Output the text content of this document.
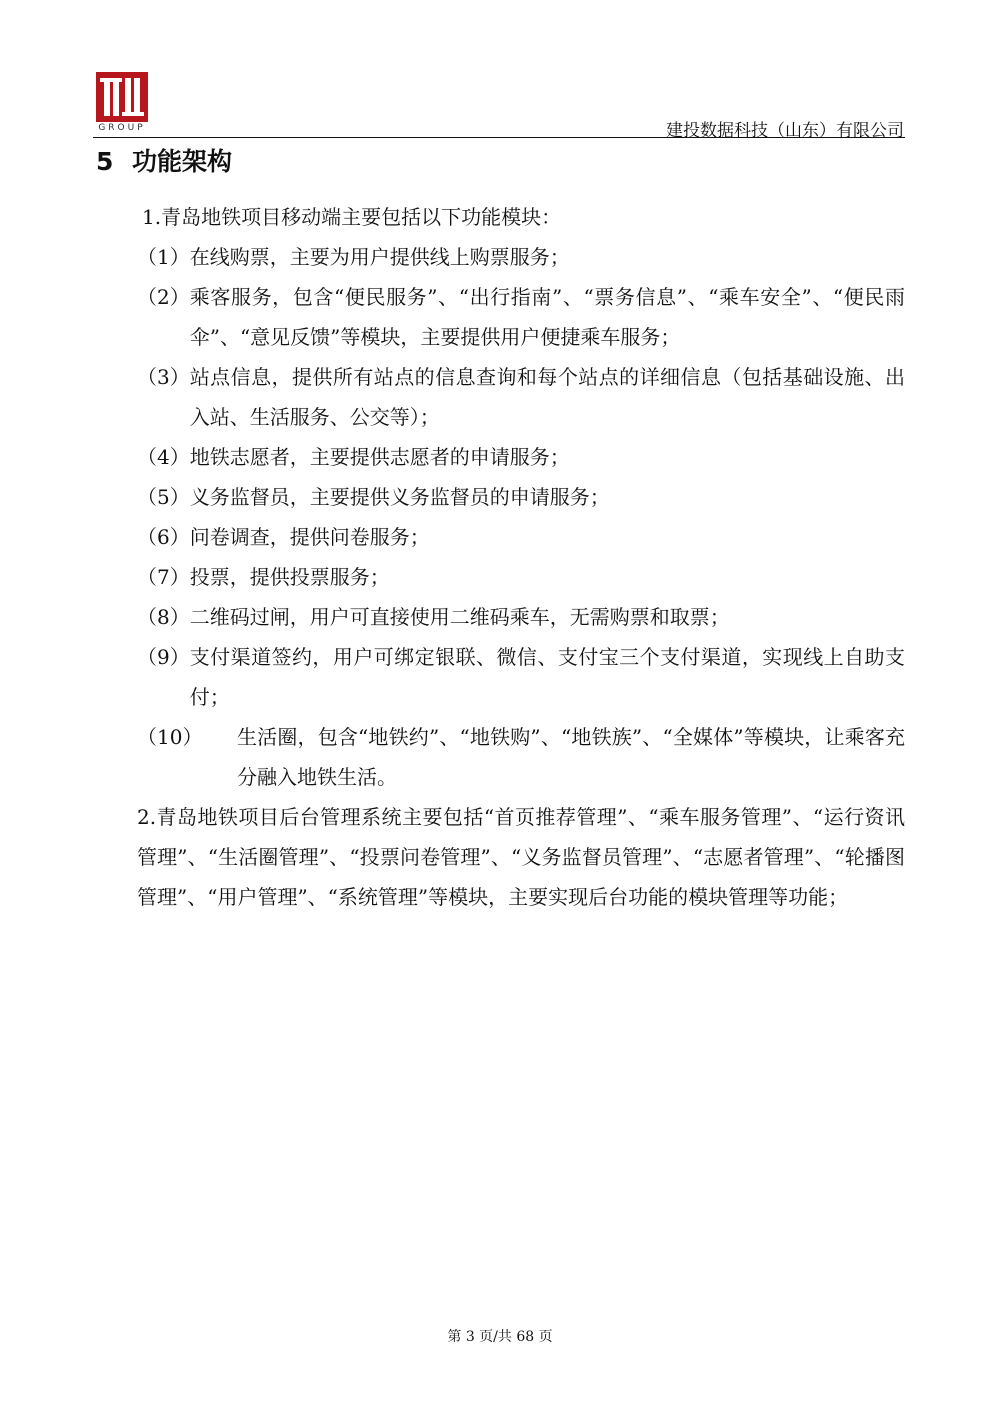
GROUP	建投数据科技（山东）有限公司
5 功能架构

1.青岛地铁项目移动端主要包括以下功能模块：

（1） 在线购票，主要为用户提供线上购票服务；
（2） 乘客服务，包含“便民服务”、“出行指南”、“票务信息”、“乘车安全”、“便民雨伞”、“意见反馈”等模块，主要提供用户便捷乘车服务；
（3） 站点信息，提供所有站点的信息查询和每个站点的详细信息（包括基础设施、出入站、生活服务、公交等）；
（4） 地铁志愿者，主要提供志愿者的申请服务；
（5） 义务监督员，主要提供义务监督员的申请服务；
（6） 问卷调查，提供问卷服务；
（7） 投票，提供投票服务；
（8） 二维码过闸，用户可直接使用二维码乘车，无需购票和取票；
（9） 支付渠道签约，用户可绑定银联、微信、支付宝三个支付渠道，实现线上自助支付；
（10）	生活圈，包含“地铁约”、“地铁购”、“地铁族”、“全媒体”等模块，让乘客充分融入地铁生活。

2.青岛地铁项目后台管理系统主要包括“首页推荐管理”、“乘车服务管理”、“运行资讯管理”、“生活圈管理”、“投票问卷管理”、“义务监督员管理”、“志愿者管理”、“轮播图管理”、“用户管理”、“系统管理”等模块，主要实现后台功能的模块管理等功能；

第 3 页/共 68 页
